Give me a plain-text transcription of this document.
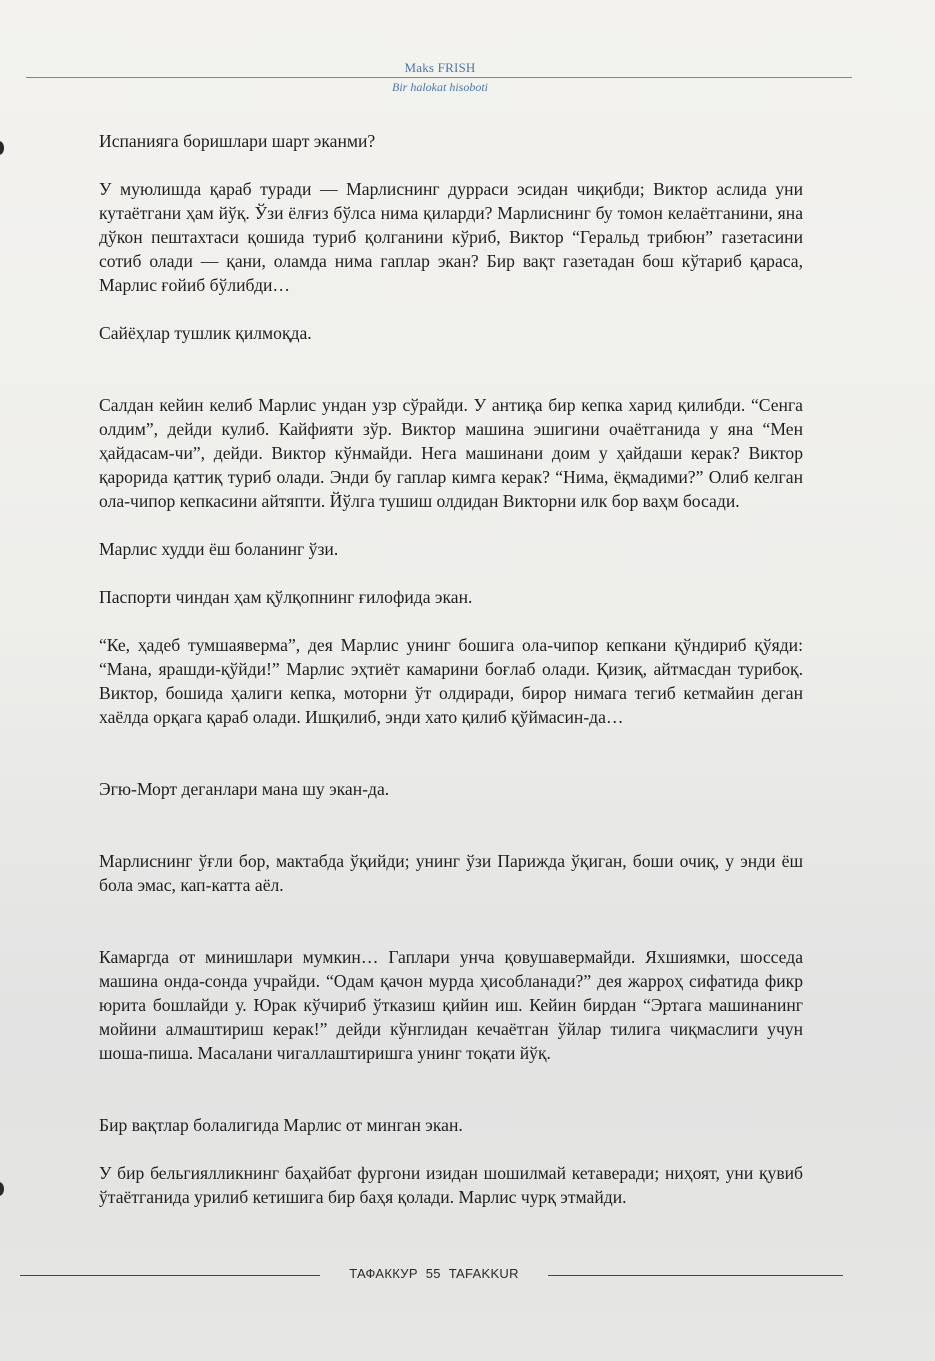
Maks FRISH
Bir halokat hisoboti

Испанияга боришлари шарт эканми?

У муюлишда қараб туради — Марлиснинг дурраси эсидан чиқибди; Виктор аслида уни кутаётгани ҳам йўқ. Ўзи ёлғиз бўлса нима қиларди? Марлиснинг бу томон келаётганини, яна дўкон пештахтаси қошида туриб қолганини кўриб, Виктор “Геральд трибюн” газетасини сотиб олади — қани, оламда нима гаплар экан? Бир вақт газетадан бош кўтариб қараса, Марлис ғойиб бўлибди…

Сайёҳлар тушлик қилмоқда.

Салдан кейин келиб Марлис ундан узр сўрайди. У антиқа бир кепка харид қилибди. “Сенга олдим”, дейди кулиб. Кайфияти зўр. Виктор машина эшигини очаётганида у яна “Мен ҳайдасам-чи”, дейди. Виктор кўнмайди. Нега машинани доим у ҳайдаши керак? Виктор қарорида қаттиқ туриб олади. Энди бу гаплар кимга керак? “Нима, ёқмадими?” Олиб келган ола-чипор кепкасини айтяпти. Йўлга тушиш олдидан Викторни илк бор ваҳм босади.

Марлис худди ёш боланинг ўзи.

Паспорти чиндан ҳам қўлқопнинг ғилофида экан.

“Ке, ҳадеб тумшаяверма”, дея Марлис унинг бошига ола-чипор кепкани қўндириб қўяди: “Мана, ярашди-қўйди!” Марлис эҳтиёт камарини боғлаб олади. Қизиқ, айтмасдан турибоқ. Виктор, бошида ҳалиги кепка, моторни ўт олдиради, бирор нимага тегиб кетмайин деган хаёлда орқага қараб олади. Ишқилиб, энди хато қилиб қўймасин-да…

Эгю-Морт деганлари мана шу экан-да.

Марлиснинг ўғли бор, мактабда ўқийди; унинг ўзи Парижда ўқиган, боши очиқ, у энди ёш бола эмас, кап-катта аёл.

Камаргда от минишлари мумкин… Гаплари унча қовушавермайди. Яхшиямки, шосседа машина онда-сонда учрайди. “Одам қачон мурда ҳисобланади?” дея жарроҳ сифатида фикр юрита бошлайди у. Юрак кўчириб ўтказиш қийин иш. Кейин бирдан “Эртага машинанинг мойини алмаштириш керак!” дейди кўнглидан кечаётган ўйлар тилига чиқмаслиги учун шоша-пиша. Масалани чигаллаштиришга унинг тоқати йўқ.

Бир вақтлар болалигида Марлис от минган экан.

У бир бельгиялликнинг баҳайбат фургони изидан шошилмай кетаверади; ниҳоят, уни қувиб ўтаётганида урилиб кетишига бир баҳя қолади. Марлис чурқ этмайди.

ТАФАККУР 55 TAFAKKUR
